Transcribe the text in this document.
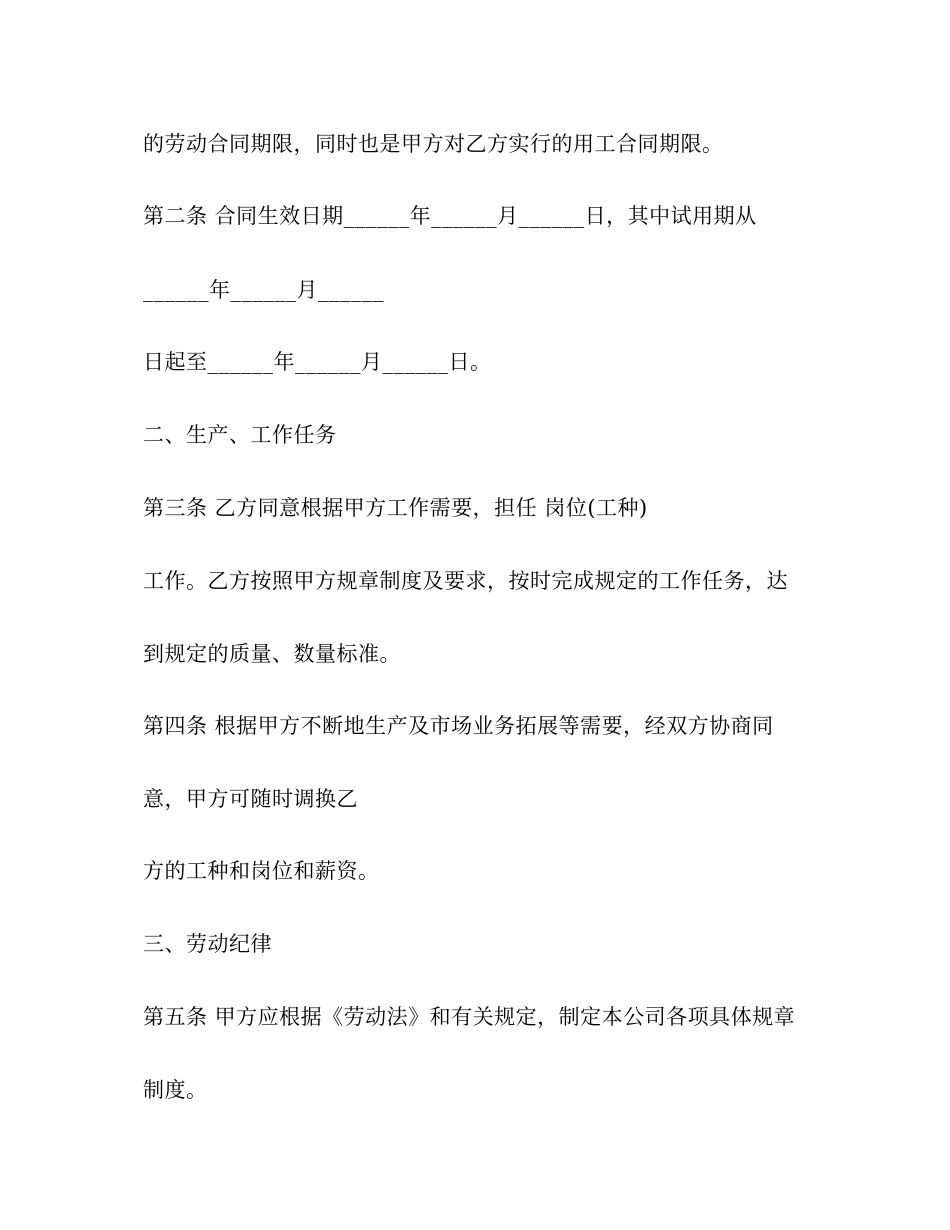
的劳动合同期限，同时也是甲方对乙方实行的用工合同期限。

第二条 合同生效日期______年______月______日，其中试用期从

______年______月______

日起至______年______月______日。

二、生产、工作任务

第三条 乙方同意根据甲方工作需要，担任 岗位(工种)

工作。乙方按照甲方规章制度及要求，按时完成规定的工作任务，达

到规定的质量、数量标准。

第四条 根据甲方不断地生产及市场业务拓展等需要，经双方协商同

意，甲方可随时调换乙

方的工种和岗位和薪资。

三、劳动纪律

第五条 甲方应根据《劳动法》和有关规定，制定本公司各项具体规章

制度。
